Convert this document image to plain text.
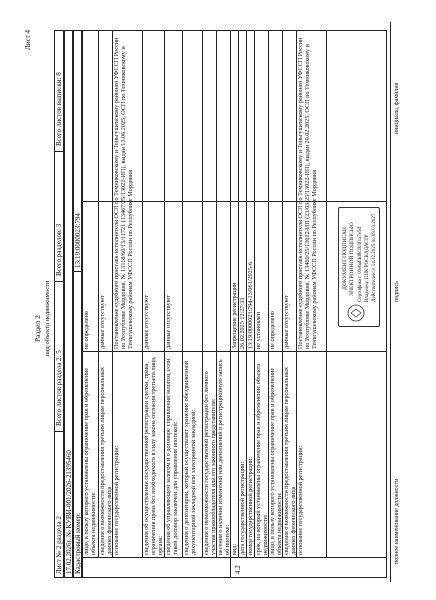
Лист 4
Раздел 2 вид объекта недвижимости
Лист № 2 раздела 2
Всего листов раздела 2: 5
Всего разделов: 3
Всего листов выписки: 8
17.02.2026г. № КУВИ-001/2026-21395460 Кадастровый номер:
13:19:0000023:794
4.2
ДОКУМЕНТ ПОДПИСАН ЭЛЕКТРОННОЙ ПОДПИСЬЮ Сертификат: 00e6af4d8c2b3f1a7e5d Владелец: ППК РОСКАДАСТР Действителен: с 14.12.2025 по 09.03.2027
полное наименование должности
подпись
инициалы, фамилия
лицо, в пользу которого установлены ограничение прав и обременение объекта недвижимости:
не определено
сведения о возможности предоставления третьим лицам персональных данных физического лица
данные отсутствуют
основание государственной регистрации:
Постановление судебного пристава-исполнителя ОСП по Темниковскому и Теньгушевскому районам УФССП России по Республике Мордовия, № 13118/60/13/11721 (13467/25/13022-ИП), выдан 13.06.2025, ОСП по Темниковскому и Теньгушевскому районам УФССП России по Республике Мордовия
сведения об осуществлении государственной регистрации сделки, права, ограничения права без необходимого в силу закона согласия третьего лица, органа:
данные отсутствуют
сведения об управляющем залогом и о договоре управления залогом, если такой договор заключен для управления ипотекой:
данные отсутствуют
сведения о депозитарии, который осуществляет хранение обездвиженной документарной закладной или электронной закладной: сведения о невозможности государственной регистрации без личного участия правообладателя или его законного представителя: весения о наличии изменений или дополнений в регистрационную запись об ипотеке: вид:
Запрещение регистрации
дата государственной регистрации:
26.02.2025 12:27:33
номер государственной регистрации:
13:19:0000023:794-13/061/2025-6
срок, на который установлены ограничение прав и обременение объекта недвижимости:
не установлен
лицо, в пользу которого установлены ограничение прав и обременение объекта недвижимости:
не определено
сведения о возможности предоставления третьим лицам персональных данных физического лица
данные отсутствуют
основание государственной регистрации:
Постановление судебного пристава-исполнителя ОСП по Темниковскому и Теньгушевскому районам УФССП России по Республике Мордовия, № 13460/25/13022-ИП (23/03/25/13022-ИП), выдан 20.02.2025, ОСП по Темниковскому и Теньгушевскому районам УФССП России по Республике Мордовия
